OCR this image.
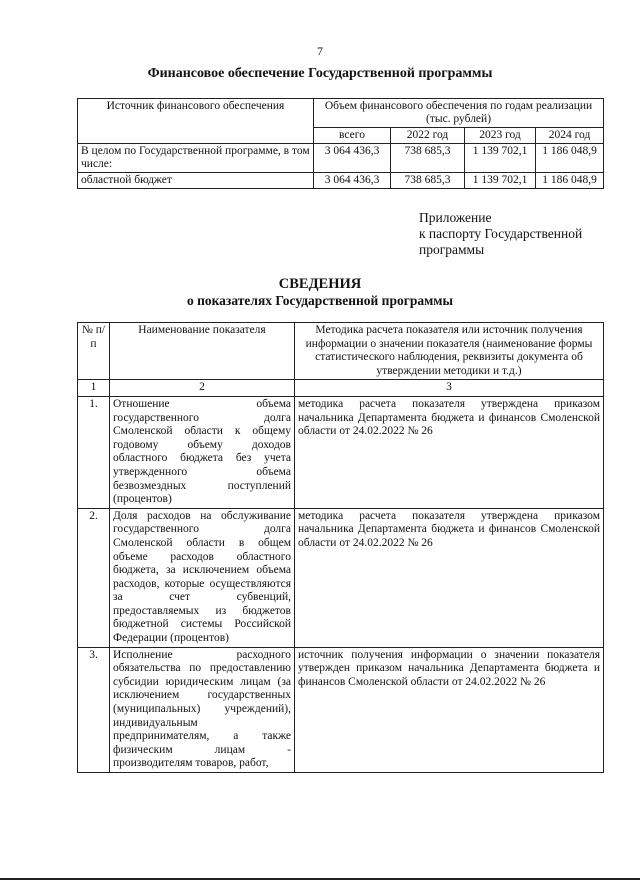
7
Финансовое обеспечение Государственной программы
Источник финансового обеспечения	Объем финансового обеспечения по годам реализации (тыс. рублей)			
	всего	2022 год	2023 год	2024 год
В целом по Государственной программе, в том числе:	3 064 436,3	738 685,3	1 139 702,1	1 186 048,9
областной бюджет	3 064 436,3	738 685,3	1 139 702,1	1 186 048,9
Приложение
к паспорту Государственной
программы
СВЕДЕНИЯ
о показателях Государственной программы
№ п/п	Наименование показателя	Методика расчета показателя или источник получения информации о значении показателя (наименование формы статистического наблюдения, реквизиты документа об утверждении методики и т.д.)
1	2	3
1.	Отношение объема государственного долга Смоленской области к общему годовому объему доходов областного бюджета без учета утвержденного объема безвозмездных поступлений (процентов)	методика расчета показателя утверждена приказом начальника Департамента бюджета и финансов Смоленской области от 24.02.2022 № 26
2.	Доля расходов на обслуживание государственного долга Смоленской области в общем объеме расходов областного бюджета, за исключением объема расходов, которые осуществляются за счет субвенций, предоставляемых из бюджетов бюджетной системы Российской Федерации (процентов)	методика расчета показателя утверждена приказом начальника Департамента бюджета и финансов Смоленской области от 24.02.2022 № 26
3.	Исполнение расходного обязательства по предоставлению субсидии юридическим лицам (за исключением государственных (муниципальных) учреждений), индивидуальным предпринимателям, а также физическим лицам - производителям товаров, работ,	источник получения информации о значении показателя утвержден приказом начальника Департамента бюджета и финансов Смоленской области от 24.02.2022 № 26
